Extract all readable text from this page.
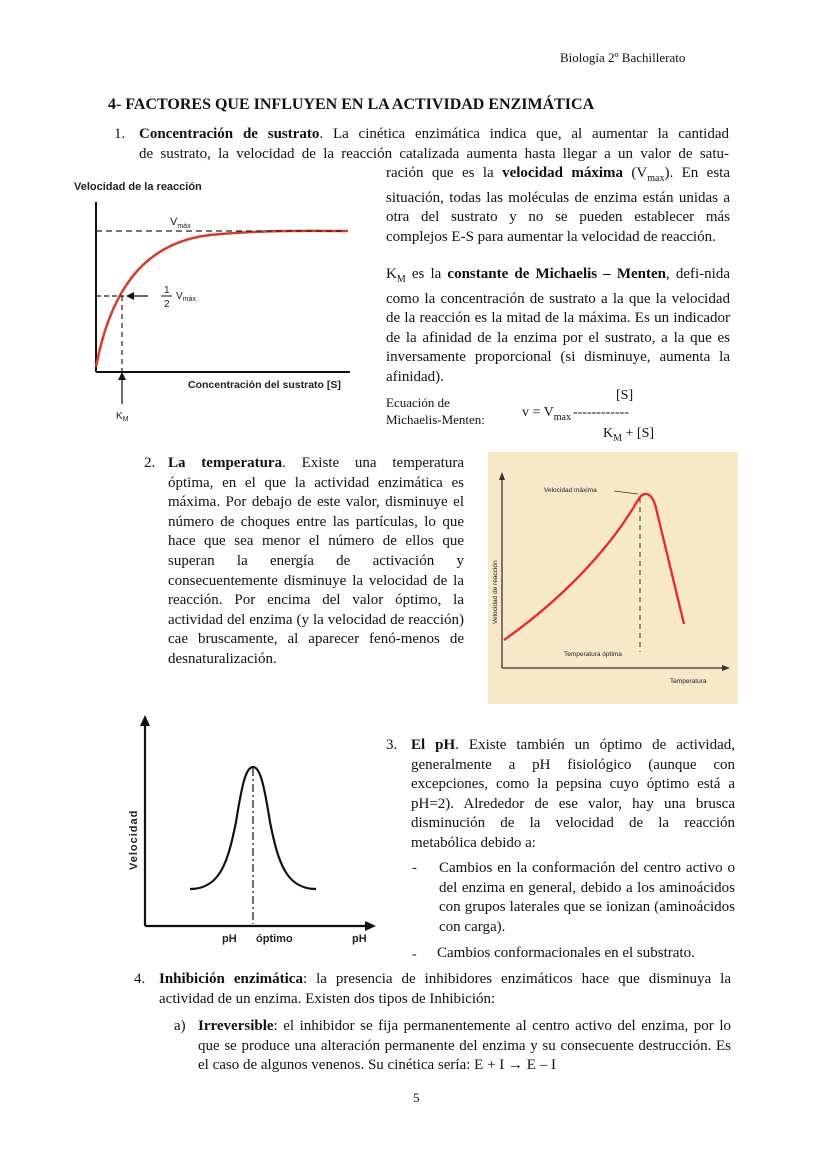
Biología 2º Bachillerato
4- FACTORES QUE INFLUYEN EN LA ACTIVIDAD ENZIMÁTICA
1. Concentración de sustrato. La cinética enzimática indica que, al aumentar la cantidad
de sustrato, la velocidad de la reacción catalizada aumenta hasta llegar a un valor de satu-
ración que es la velocidad máxima $(V_{max})$. En esta situación, todas las moléculas de enzima están unidas a otra del sustrato y no se pueden establecer más complejos E-S para aumentar la velocidad de reacción.
$K_M$ es la constante de Michaelis – Menten, defi-nida como la concentración de sustrato a la que la velocidad de la reacción es la mitad de la máxima. Es un indicador de la afinidad de la enzima por el sustrato, a la que es inversamente proporcional (si disminuye, aumenta la afinidad).
Ecuación de
Michaelis-Menten:
[S]
$v = V_{max}$ ------------
$K_M + [S]$
Velocidad de la reacción
$V_{máx}$
1
2
$V_{máx.}$
Concentración del sustrato [S]
$K_M$
2. La temperatura. Existe una temperatura óptima, en el que la actividad enzimática es máxima. Por debajo de este valor, disminuye el número de choques entre las partículas, lo que hace que sea menor el número de ellos que superan la energía de activación y consecuentemente disminuye la velocidad de la reacción. Por encima del valor óptimo, la actividad del enzima (y la velocidad de reacción) cae bruscamente, al aparecer fenó-menos de desnaturalización.
Velocidad máxima
Velocidad de reacción
Temperatura óptima
Temperatura
Velocidad
pH óptimo	pH
3. El pH. Existe también un óptimo de actividad, generalmente a pH fisiológico (aunque con excepciones, como la pepsina cuyo óptimo está a pH=2). Alrededor de ese valor, hay una brusca disminución de la velocidad de la reacción metabólica debido a:
- Cambios en la conformación del centro activo o del enzima en general, debido a los aminoácidos con grupos laterales que se ionizan (aminoácidos con carga).
- Cambios conformacionales en el substrato.
4. Inhibición enzimática: la presencia de inhibidores enzimáticos hace que disminuya la actividad de un enzima. Existen dos tipos de Inhibición:
a) Irreversible: el inhibidor se fija permanentemente al centro activo del enzima, por lo que se produce una alteración permanente del enzima y su consecuente destrucción. Es el caso de algunos venenos. Su cinética sería: E + I → E – I
5
